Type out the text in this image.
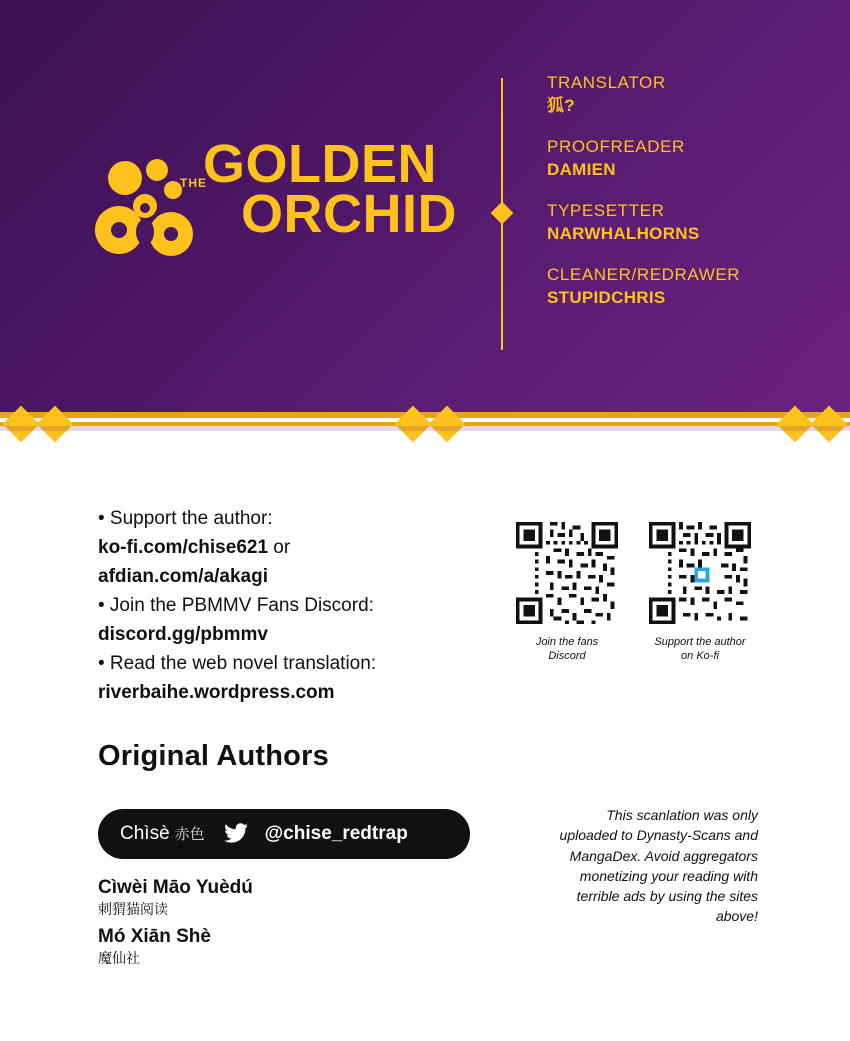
THE
GOLDEN
ORCHID
TRANSLATOR
狐?
PROOFREADER
DAMIEN
TYPESETTER
NARWHALHORNS
CLEANER/REDRAWER
STUPIDCHRIS
• Support the author:
ko-fi.com/chise621 or
afdian.com/a/akagi
• Join the PBMMV Fans Discord:
discord.gg/pbmmv
• Read the web novel translation:
riverbaihe.wordpress.com
Join the fans
Discord
Support the author
on Ko-fi
Original Authors
Chìsè 赤色	@chise_redtrap
Cìwèi Māo Yuèdú
刺猬猫阅读
Mó Xiān Shè
魔仙社
This scanlation was only uploaded to Dynasty-Scans and MangaDex. Avoid aggregators monetizing your reading with terrible ads by using the sites above!
